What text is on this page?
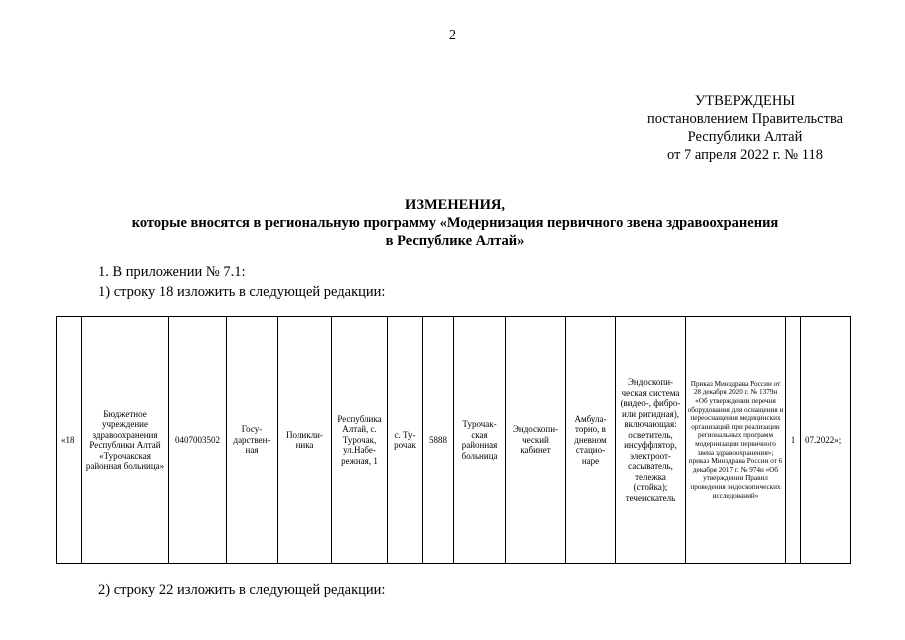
2
УТВЕРЖДЕНЫ
постановлением Правительства
Республики Алтай
от 7 апреля 2022 г. № 118
ИЗМЕНЕНИЯ,
которые вносятся в региональную программу «Модернизация первичного звена здравоохранения
в Республике Алтай»
1. В приложении № 7.1:
1) строку 18 изложить в следующей редакции:
«18	Бюджетное учреждение здравоохранения Республики Алтай «Турочакская районная больница»	0407003502	Госу-дарствен-ная	Поликли-ника	Республика Алтай, с. Турочак, ул.Набе-режная, 1	с. Ту-рочак	5888	Турочак-ская районная больница	Эндоскопи-ческий кабинет	Амбула-торно, в дневном стацио-наре	Эндоскопи-ческая система (видео-, фибро- или ригидная), включающая: осветитель, инсуффлятор, электроот-сасыватель, тележка (стойка); течеискатель	Приказ Минздрава России от 28 декабря 2020 г. № 1379н «Об утверждении перечня оборудования для оснащения и переоснащения медицинских организаций при реализации региональных программ модернизации первичного звена здравоохранения»; приказ Минздрава России от 6 декабря 2017 г. № 974н «Об утверждении Правил проведения эндоскопических исследований»	1	07.2022»;
2) строку 22 изложить в следующей редакции:
